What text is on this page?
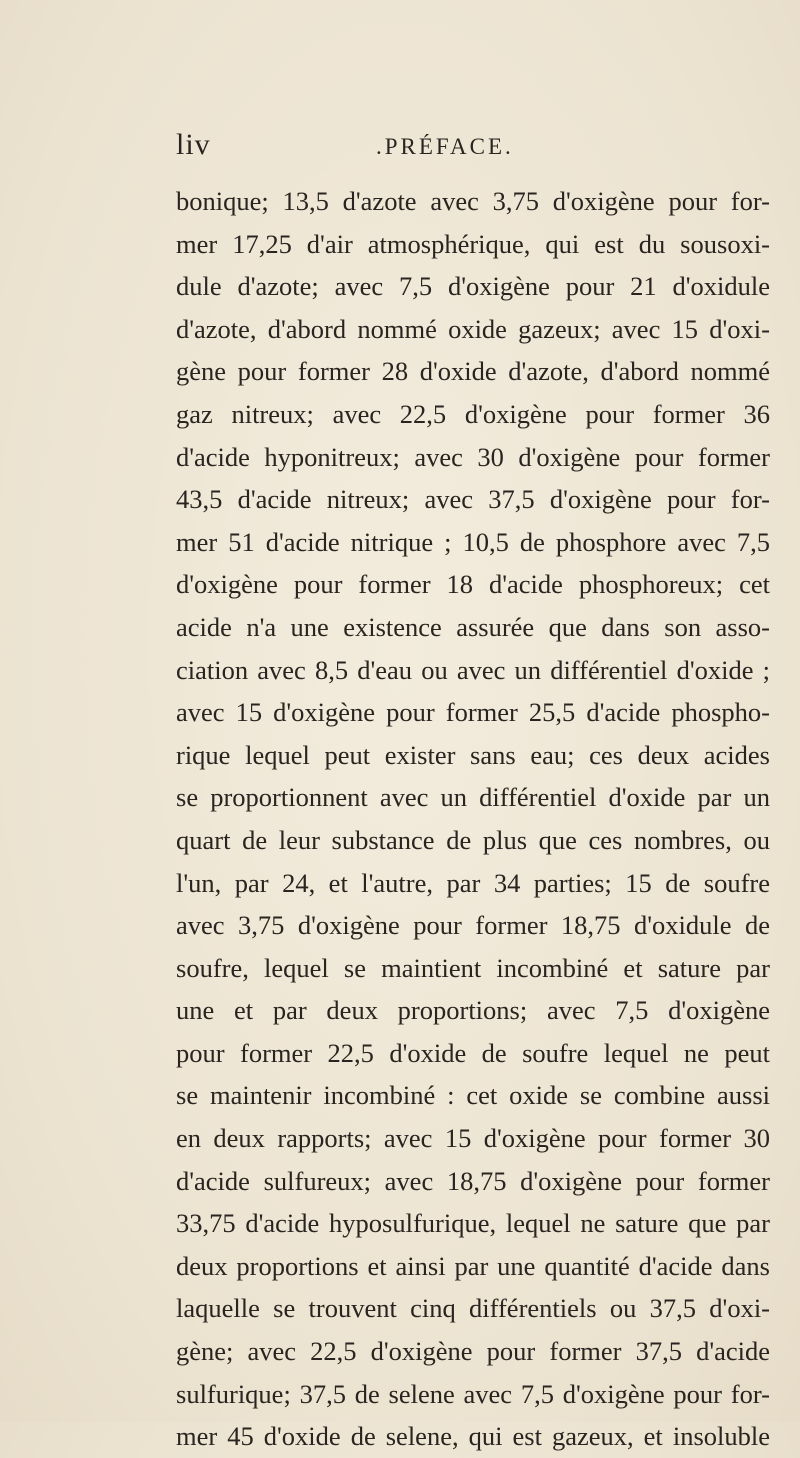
liv	.PRÉFACE.
bonique; 13,5 d'azote avec 3,75 d'oxigène pour for-
mer 17,25 d'air atmosphérique, qui est du sousoxi-
dule d'azote; avec 7,5 d'oxigène pour 21 d'oxidule
d'azote, d'abord nommé oxide gazeux; avec 15 d'oxi-
gène pour former 28 d'oxide d'azote, d'abord nommé
gaz nitreux; avec 22,5 d'oxigène pour former 36
d'acide hyponitreux; avec 30 d'oxigène pour former
43,5 d'acide nitreux; avec 37,5 d'oxigène pour for-
mer 51 d'acide nitrique ; 10,5 de phosphore avec 7,5
d'oxigène pour former 18 d'acide phosphoreux; cet
acide n'a une existence assurée que dans son asso-
ciation avec 8,5 d'eau ou avec un différentiel d'oxide ;
avec 15 d'oxigène pour former 25,5 d'acide phospho-
rique lequel peut exister sans eau; ces deux acides
se proportionnent avec un différentiel d'oxide par un
quart de leur substance de plus que ces nombres, ou
l'un, par 24, et l'autre, par 34 parties; 15 de soufre
avec 3,75 d'oxigène pour former 18,75 d'oxidule de
soufre, lequel se maintient incombiné et sature par
une et par deux proportions; avec 7,5 d'oxigène
pour former 22,5 d'oxide de soufre lequel ne peut
se maintenir incombiné : cet oxide se combine aussi
en deux rapports; avec 15 d'oxigène pour former 30
d'acide sulfureux; avec 18,75 d'oxigène pour former
33,75 d'acide hyposulfurique, lequel ne sature que par
deux proportions et ainsi par une quantité d'acide dans
laquelle se trouvent cinq différentiels ou 37,5 d'oxi-
gène; avec 22,5 d'oxigène pour former 37,5 d'acide
sulfurique; 37,5 de selene avec 7,5 d'oxigène pour for-
mer 45 d'oxide de selene, qui est gazeux, et insoluble
